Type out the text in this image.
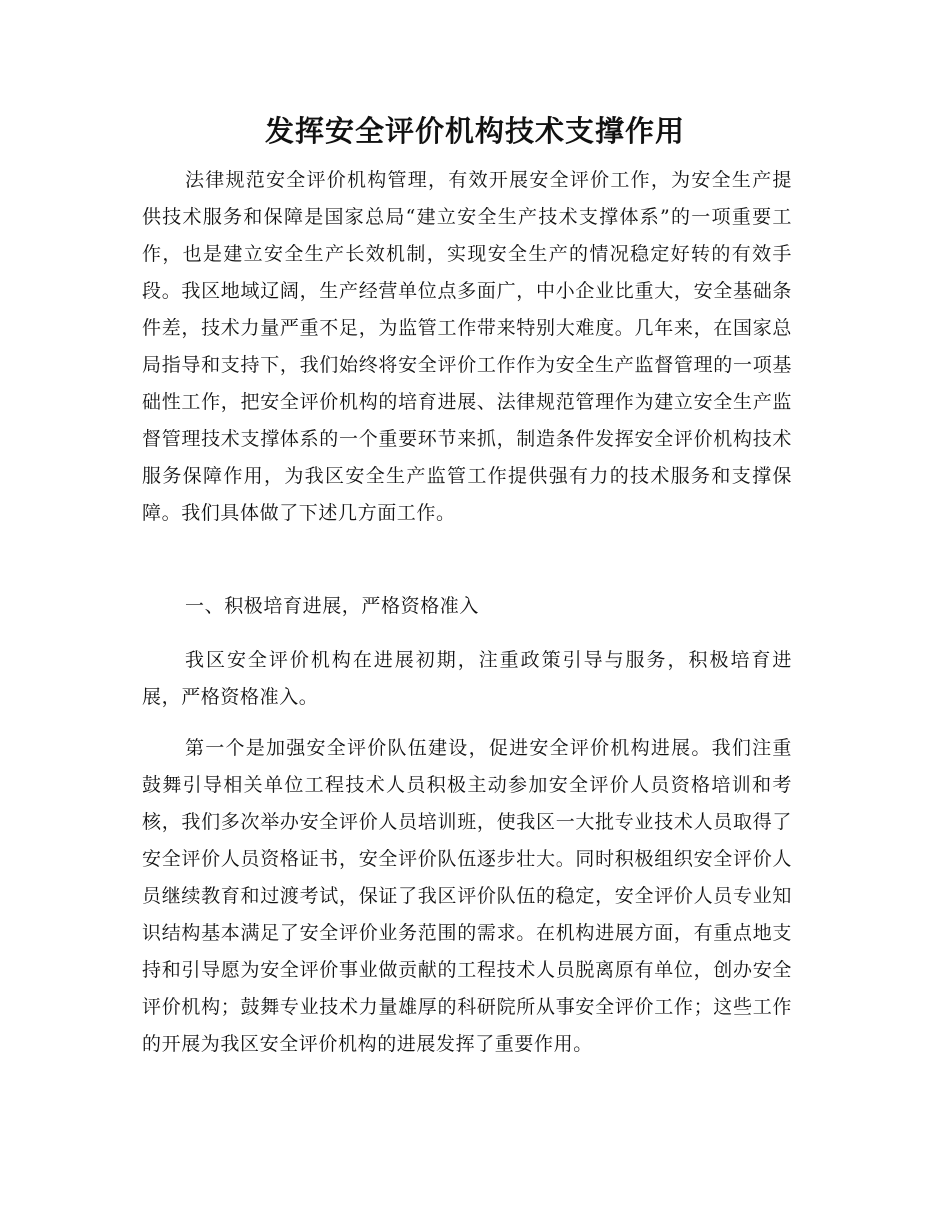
发挥安全评价机构技术支撑作用

法律规范安全评价机构管理，有效开展安全评价工作，为安全生产提供技术服务和保障是国家总局“建立安全生产技术支撑体系”的一项重要工作，也是建立安全生产长效机制，实现安全生产的情况稳定好转的有效手段。我区地域辽阔，生产经营单位点多面广，中小企业比重大，安全基础条件差，技术力量严重不足，为监管工作带来特别大难度。几年来，在国家总局指导和支持下，我们始终将安全评价工作作为安全生产监督管理的一项基础性工作，把安全评价机构的培育进展、法律规范管理作为建立安全生产监督管理技术支撑体系的一个重要环节来抓，制造条件发挥安全评价机构技术服务保障作用，为我区安全生产监管工作提供强有力的技术服务和支撑保障。我们具体做了下述几方面工作。

一、积极培育进展，严格资格准入

我区安全评价机构在进展初期，注重政策引导与服务，积极培育进展，严格资格准入。

第一个是加强安全评价队伍建设，促进安全评价机构进展。我们注重鼓舞引导相关单位工程技术人员积极主动参加安全评价人员资格培训和考核，我们多次举办安全评价人员培训班，使我区一大批专业技术人员取得了安全评价人员资格证书，安全评价队伍逐步壮大。同时积极组织安全评价人员继续教育和过渡考试，保证了我区评价队伍的稳定，安全评价人员专业知识结构基本满足了安全评价业务范围的需求。在机构进展方面，有重点地支持和引导愿为安全评价事业做贡献的工程技术人员脱离原有单位，创办安全评价机构；鼓舞专业技术力量雄厚的科研院所从事安全评价工作；这些工作的开展为我区安全评价机构的进展发挥了重要作用。
